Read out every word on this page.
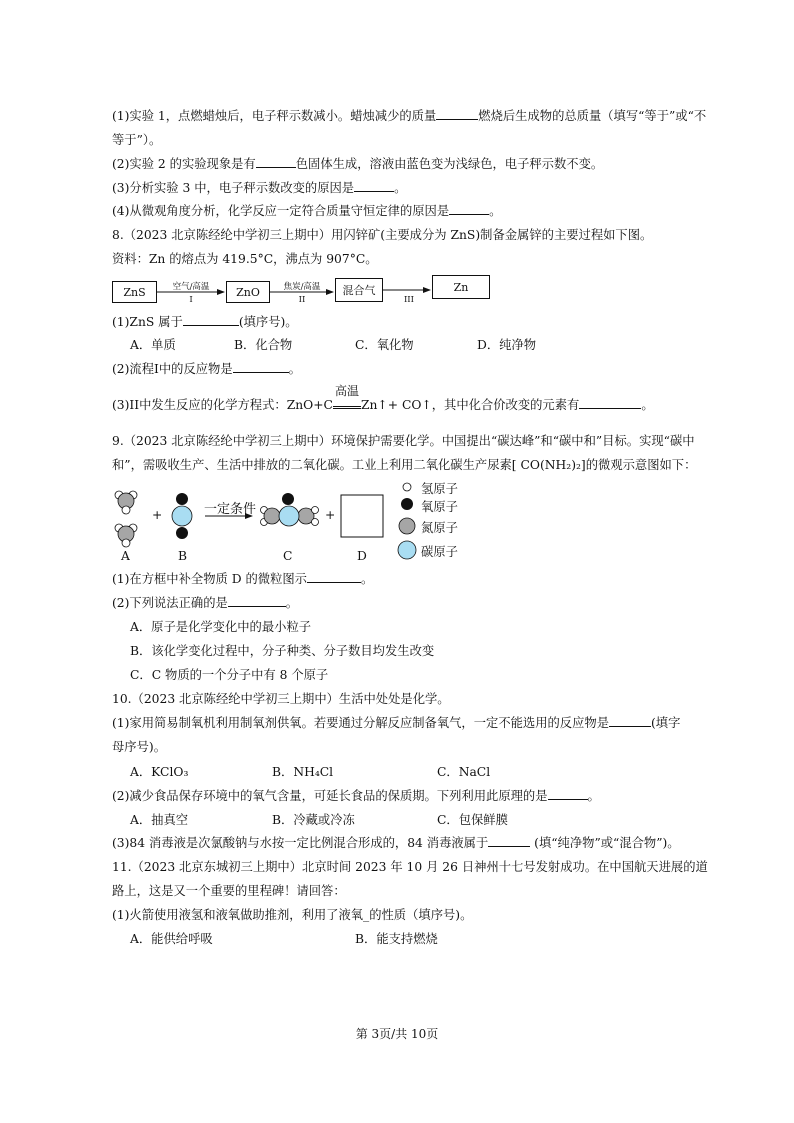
(1)实验 1，点燃蜡烛后，电子秤示数减小。蜡烛减少的质量	燃烧后生成物的总质量（填写“等于”或“不
等于”）。
(2)实验 2 的实验现象是有	色固体生成，溶液由蓝色变为浅绿色，电子秤示数不变。
(3)分析实验 3 中，电子秤示数改变的原因是	。
(4)从微观角度分析，化学反应一定符合质量守恒定律的原因是	。
8.（2023 北京陈经纶中学初三上期中）用闪锌矿(主要成分为 ZnS)制备金属锌的主要过程如下图。
资料：Zn 的熔点为 419.5°C，沸点为 907°C。
ZnS	空气/高温
I
ZnO	焦炭/高温
II
混合气
III
Zn
(1)ZnS 属于	(填序号)。
A．单质	B．化合物	C．氧化物	D．纯净物
(2)流程I中的反应物是	。
(3)II中发生反应的化学方程式：ZnO+C
高温
Zn↑+ CO↑，其中化合价改变的元素有	。
9.（2023 北京陈经纶中学初三上期中）环境保护需要化学。中国提出“碳达峰”和“碳中和”目标。实现“碳中
和”，需吸收生产、生活中排放的二氧化碳。工业上利用二氧化碳生产尿素[ CO(NH₂)₂]的微观示意图如下：
+	一定条件	+
A	B	C	D
氢原子
氧原子
氮原子
碳原子
(1)在方框中补全物质 D 的微粒图示	。
(2)下列说法正确的是	。
A．原子是化学变化中的最小粒子
B．该化学变化过程中，分子种类、分子数目均发生改变
C．C 物质的一个分子中有 8 个原子
10.（2023 北京陈经纶中学初三上期中）生活中处处是化学。
(1)家用简易制氧机利用制氧剂供氧。若要通过分解反应制备氧气，一定不能选用的反应物是	(填字
母序号)。
A．KClO₃	B．NH₄Cl	C．NaCl
(2)减少食品保存环境中的氧气含量，可延长食品的保质期。下列利用此原理的是	。
A．抽真空	B．冷藏或冷冻	C．包保鲜膜
(3)84 消毒液是次氯酸钠与水按一定比例混合形成的，84 消毒液属于	(填“纯净物”或“混合物”)。
11.（2023 北京东城初三上期中）北京时间 2023 年 10 月 26 日神州十七号发射成功。在中国航天进展的道
路上，这是又一个重要的里程碑！请回答：
(1)火箭使用液氢和液氧做助推剂，利用了液氧_的性质（填序号)。
A．能供给呼吸	B．能支持燃烧
第 3页/共 10页
